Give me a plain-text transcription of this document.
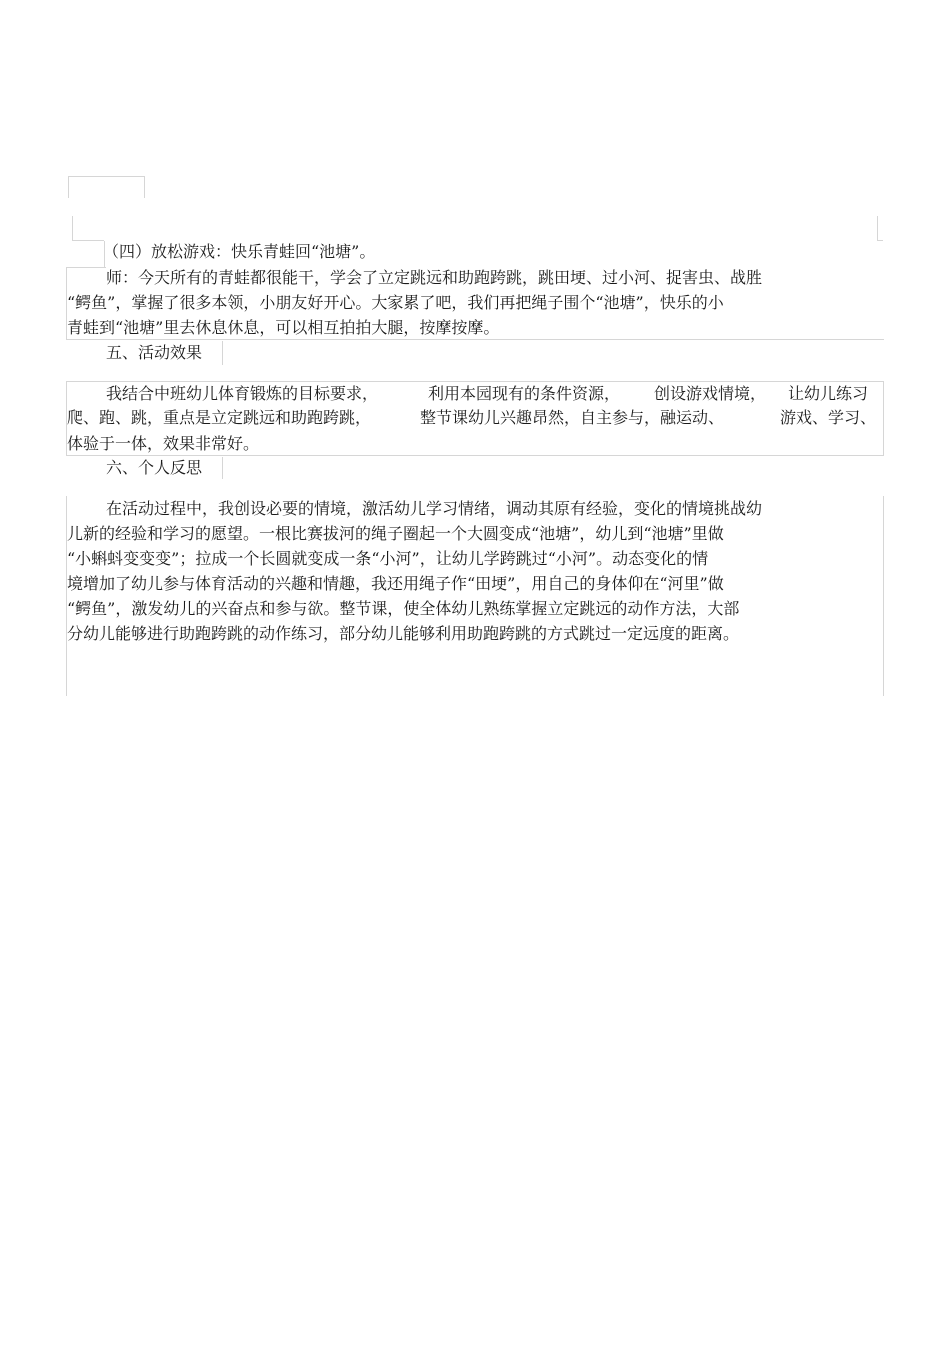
（四）放松游戏：快乐青蛙回“池塘”。
师：今天所有的青蛙都很能干，学会了立定跳远和助跑跨跳，跳田埂、过小河、捉害虫、战胜
“鳄鱼”，掌握了很多本领，小朋友好开心。大家累了吧，我们再把绳子围个“池塘”，快乐的小
青蛙到“池塘”里去休息休息，可以相互拍拍大腿，按摩按摩。
五、活动效果
我结合中班幼儿体育锻炼的目标要求，	利用本园现有的条件资源， 创设游戏情境， 让幼儿练习
爬、跑、跳，重点是立定跳远和助跑跨跳，	整节课幼儿兴趣昂然，自主参与，融运动、	游戏、学习、
体验于一体，效果非常好。
六、个人反思
在活动过程中，我创设必要的情境，激活幼儿学习情绪，调动其原有经验，变化的情境挑战幼
儿新的经验和学习的愿望。一根比赛拔河的绳子圈起一个大圆变成“池塘”，幼儿到“池塘”里做
“小蝌蚪变变变”；拉成一个长圆就变成一条“小河”，让幼儿学跨跳过“小河”。动态变化的情
境增加了幼儿参与体育活动的兴趣和情趣，我还用绳子作“田埂”，用自己的身体仰在“河里”做
“鳄鱼”，激发幼儿的兴奋点和参与欲。整节课，使全体幼儿熟练掌握立定跳远的动作方法，大部
分幼儿能够进行助跑跨跳的动作练习，部分幼儿能够利用助跑跨跳的方式跳过一定远度的距离。
